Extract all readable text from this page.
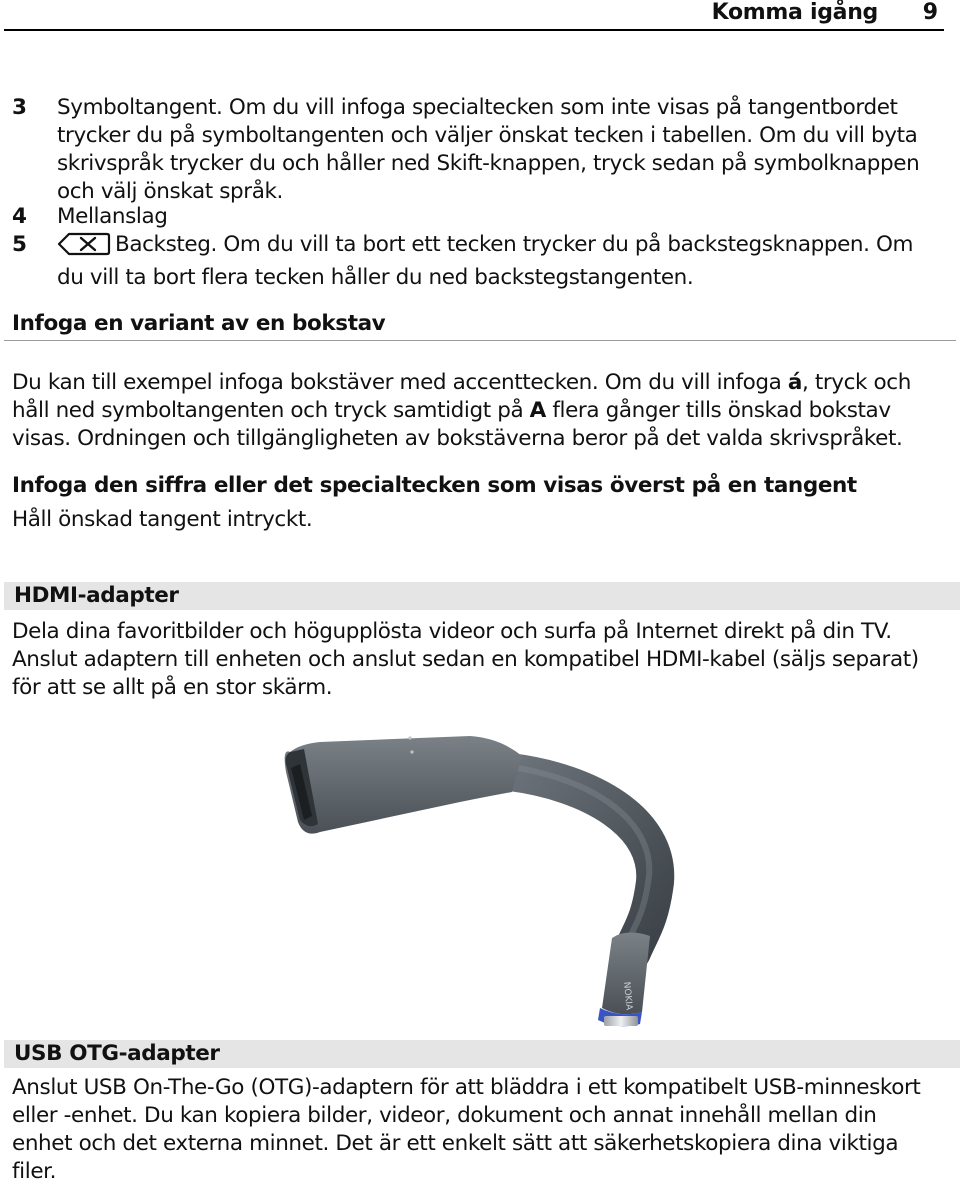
Komma igång 9
3 Symboltangent. Om du vill infoga specialtecken som inte visas på tangentbordet
trycker du på symboltangenten och väljer önskat tecken i tabellen. Om du vill byta
skrivspråk trycker du och håller ned Skift-knappen, tryck sedan på symbolknappen
och välj önskat språk.
4 Mellanslag
5	Backsteg. Om du vill ta bort ett tecken trycker du på backstegsknappen. Om
du vill ta bort flera tecken håller du ned backstegstangenten.
Infoga en variant av en bokstav
Du kan till exempel infoga bokstäver med accenttecken. Om du vill infoga á, tryck och
håll ned symboltangenten och tryck samtidigt på A flera gånger tills önskad bokstav
visas. Ordningen och tillgängligheten av bokstäverna beror på det valda skrivspråket.
Infoga den siffra eller det specialtecken som visas överst på en tangent
Håll önskad tangent intryckt.
HDMI-adapter
Dela dina favoritbilder och högupplösta videor och surfa på Internet direkt på din TV.
Anslut adaptern till enheten och anslut sedan en kompatibel HDMI-kabel (säljs separat)
för att se allt på en stor skärm.
NOKIA
USB OTG-adapter
Anslut USB On-The-Go (OTG)-adaptern för att bläddra i ett kompatibelt USB-minneskort
eller -enhet. Du kan kopiera bilder, videor, dokument och annat innehåll mellan din
enhet och det externa minnet. Det är ett enkelt sätt att säkerhetskopiera dina viktiga
filer.
